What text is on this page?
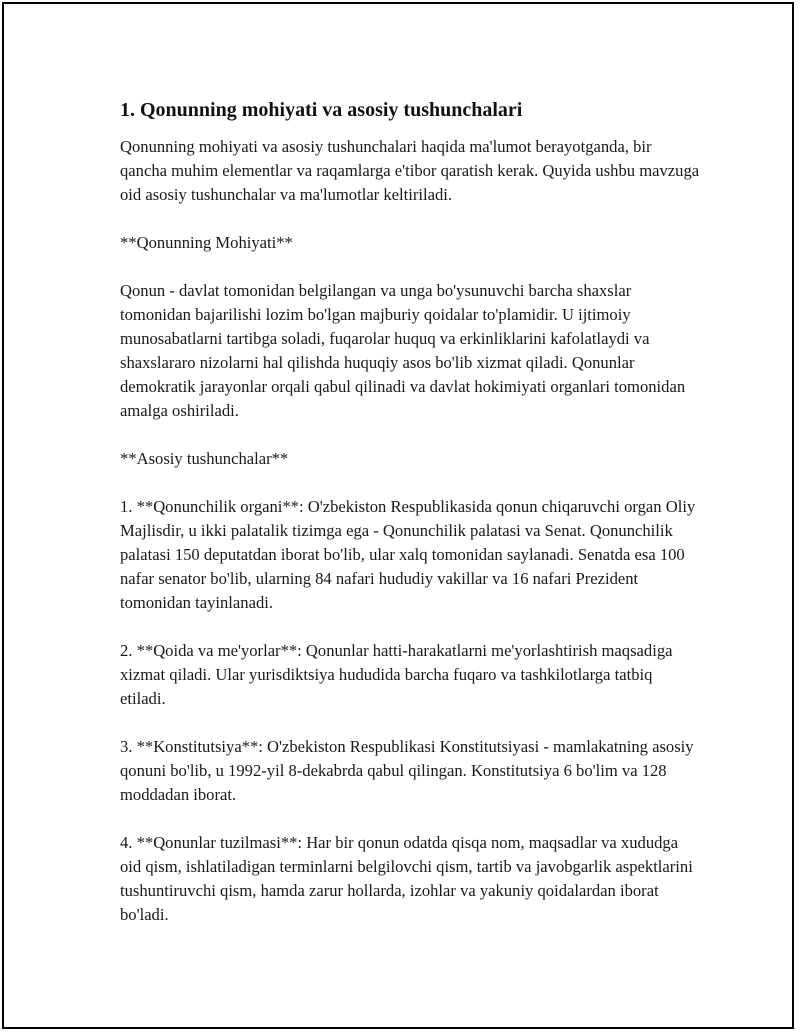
1. Qonunning mohiyati va asosiy tushunchalari

Qonunning mohiyati va asosiy tushunchalari haqida ma'lumot berayotganda, bir qancha muhim elementlar va raqamlarga e'tibor qaratish kerak. Quyida ushbu mavzuga oid asosiy tushunchalar va ma'lumotlar keltiriladi.

**Qonunning Mohiyati**

Qonun - davlat tomonidan belgilangan va unga bo'ysunuvchi barcha shaxslar tomonidan bajarilishi lozim bo'lgan majburiy qoidalar to'plamidir. U ijtimoiy munosabatlarni tartibga soladi, fuqarolar huquq va erkinliklarini kafolatlaydi va shaxslararo nizolarni hal qilishda huquqiy asos bo'lib xizmat qiladi. Qonunlar demokratik jarayonlar orqali qabul qilinadi va davlat hokimiyati organlari tomonidan amalga oshiriladi.

**Asosiy tushunchalar**

1. **Qonunchilik organi**: O'zbekiston Respublikasida qonun chiqaruvchi organ Oliy Majlisdir, u ikki palatalik tizimga ega - Qonunchilik palatasi va Senat. Qonunchilik palatasi 150 deputatdan iborat bo'lib, ular xalq tomonidan saylanadi. Senatda esa 100 nafar senator bo'lib, ularning 84 nafari hududiy vakillar va 16 nafari Prezident tomonidan tayinlanadi.

2. **Qoida va me'yorlar**: Qonunlar hatti-harakatlarni me'yorlashtirish maqsadiga xizmat qiladi. Ular yurisdiktsiya hududida barcha fuqaro va tashkilotlarga tatbiq etiladi.

3. **Konstitutsiya**: O'zbekiston Respublikasi Konstitutsiyasi - mamlakatning asosiy qonuni bo'lib, u 1992-yil 8-dekabrda qabul qilingan. Konstitutsiya 6 bo'lim va 128 moddadan iborat.

4. **Qonunlar tuzilmasi**: Har bir qonun odatda qisqa nom, maqsadlar va xududga oid qism, ishlatiladigan terminlarni belgilovchi qism, tartib va javobgarlik aspektlarini tushuntiruvchi qism, hamda zarur hollarda, izohlar va yakuniy qoidalardan iborat bo'ladi.
